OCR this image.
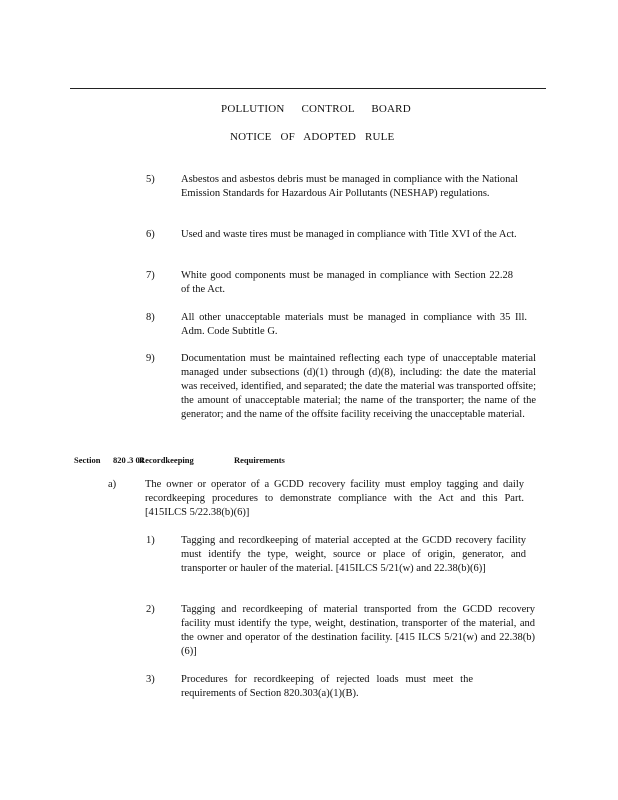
POLLUTION CONTROL BOARD
NOTICE OF ADOPTED RULE
5)	Asbestos and asbestos debris must be managed in compliance with the National Emission Standards for Hazardous Air Pollutants (NESHAP) regulations.
6)	Used and waste tires must be managed in compliance with Title XVI of the Act.
7)	White good components must be managed in compliance with Section 22.28 of the Act.
8)	All other unacceptable materials must be managed in compliance with 35 Ill. Adm. Code Subtitle G.
9)	Documentation must be maintained reflecting each type of unacceptable material managed under subsections (d)(1) through (d)(8), including: the date the material was received, identified, and separated; the date the material was transported offsite; the amount of unacceptable material; the name of the transporter; the name of the generator; and the name of the offsite facility receiving the unacceptable material.
Section 820 .3 04
Recordkeeping	Requirements
a)	The owner or operator of a GCDD recovery facility must employ tagging and daily recordkeeping procedures to demonstrate compliance with the Act and this Part. [415ILCS 5/22.38(b)(6)]
1)	Tagging and recordkeeping of material accepted at the GCDD recovery facility must identify the type, weight, source or place of origin, generator, and transporter or hauler of the material. [415ILCS 5/21(w) and 22.38(b)(6)]
2)	Tagging and recordkeeping of material transported from the GCDD recovery facility must identify the type, weight, destination, transporter of the material, and the owner and operator of the destination facility. [415 ILCS 5/21(w) and 22.38(b)(6)]
3)	Procedures for recordkeeping of rejected loads must meet the requirements of Section 820.303(a)(1)(B).
